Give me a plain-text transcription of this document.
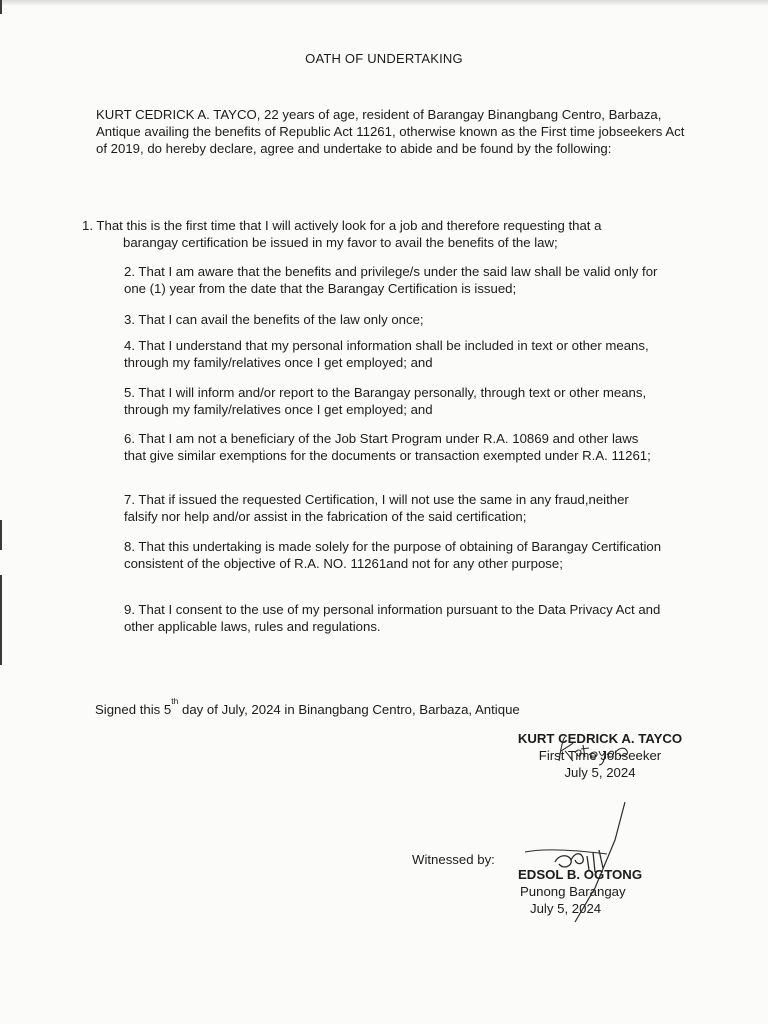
OATH OF UNDERTAKING
KURT CEDRICK A. TAYCO, 22 years of age, resident of Barangay Binangbang Centro, Barbaza, Antique availing the benefits of Republic Act 11261, otherwise known as the First time jobseekers Act of 2019, do hereby declare, agree and undertake to abide and be found by the following:
1. That this is the first time that I will actively look for a job and therefore requesting that a
barangay certification be issued in my favor to avail the benefits of the law;
2. That I am aware that the benefits and privilege/s under the said law shall be valid only for one (1) year from the date that the Barangay Certification is issued;
3. That I can avail the benefits of the law only once;
4. That I understand that my personal information shall be included in text or other means, through my family/relatives once I get employed; and
5. That I will inform and/or report to the Barangay personally, through text or other means, through my family/relatives once I get employed; and
6. That I am not a beneficiary of the Job Start Program under R.A. 10869 and other laws that give similar exemptions for the documents or transaction exempted under R.A. 11261;
7. That if issued the requested Certification, I will not use the same in any fraud,neither falsify nor help and/or assist in the fabrication of the said certification;
8. That this undertaking is made solely for the purpose of obtaining of Barangay Certification consistent of the objective of R.A. NO. 11261and not for any other purpose;
9. That I consent to the use of my personal information pursuant to the Data Privacy Act and other applicable laws, rules and regulations.
Signed this 5th day of July, 2024 in Binangbang Centro, Barbaza, Antique
KURT CEDRICK A. TAYCO
First Time Jobseeker
July 5, 2024
Witnessed by:
EDSOL B. OGTONG
Punong Barangay
July 5, 2024
